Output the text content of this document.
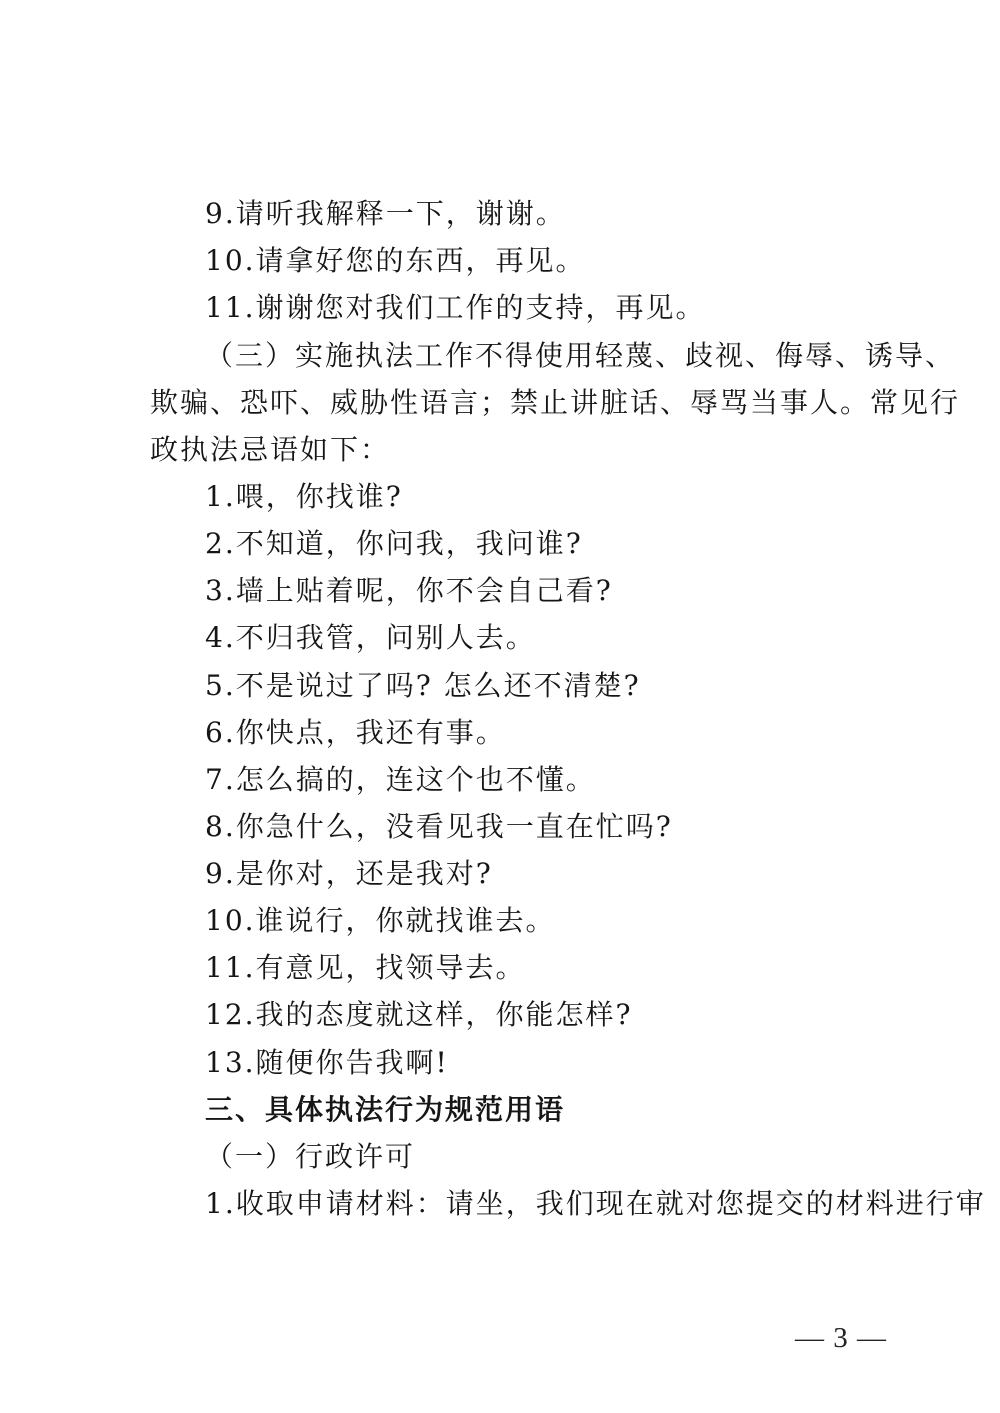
9.请听我解释一下，谢谢。

10.请拿好您的东西，再见。

11.谢谢您对我们工作的支持，再见。

（三）实施执法工作不得使用轻蔑、歧视、侮辱、诱导、

欺骗、恐吓、威胁性语言；禁止讲脏话、辱骂当事人。常见行

政执法忌语如下：

1.喂，你找谁?

2.不知道，你问我，我问谁?

3.墙上贴着呢，你不会自己看?

4.不归我管，问别人去。

5.不是说过了吗? 怎么还不清楚?

6.你快点，我还有事。

7.怎么搞的，连这个也不懂。

8.你急什么，没看见我一直在忙吗?

9.是你对，还是我对?

10.谁说行，你就找谁去。

11.有意见，找领导去。

12.我的态度就这样，你能怎样?

13.随便你告我啊!

三、具体执法行为规范用语

（一）行政许可

1.收取申请材料：请坐，我们现在就对您提交的材料进行审

— 3 —
